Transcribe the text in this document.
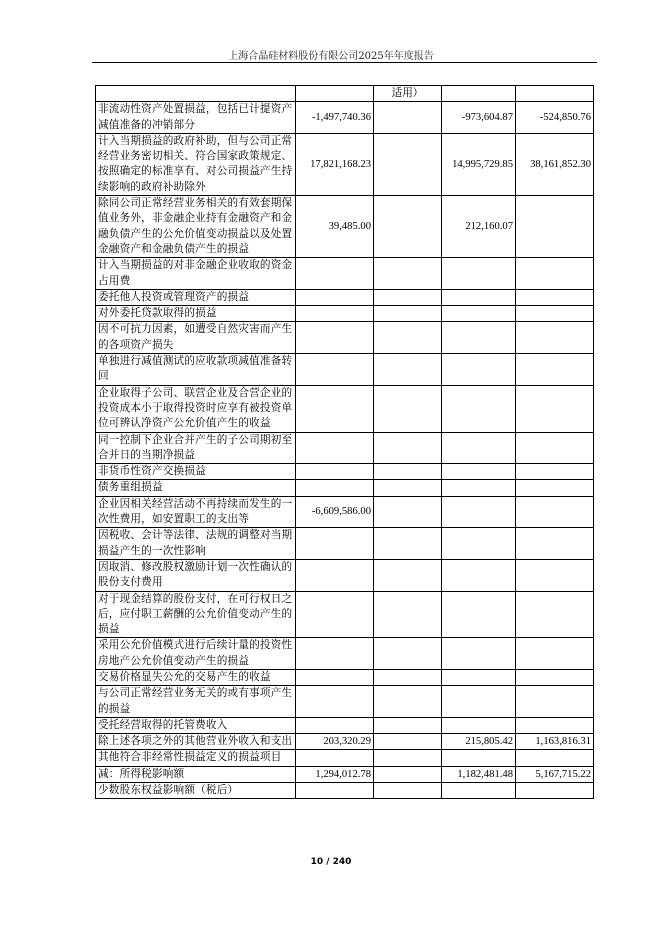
上海合晶硅材料股份有限公司2025年年度报告
		适用）		
非流动性资产处置损益，包括已计提资产减值准备的冲销部分	-1,497,740.36		-973,604.87	-524,850.76
计入当期损益的政府补助，但与公司正常经营业务密切相关、符合国家政策规定、按照确定的标准享有、对公司损益产生持续影响的政府补助除外	17,821,168.23		14,995,729.85	38,161,852.30
除同公司正常经营业务相关的有效套期保值业务外，非金融企业持有金融资产和金融负债产生的公允价值变动损益以及处置金融资产和金融负债产生的损益	39,485.00		212,160.07	
计入当期损益的对非金融企业收取的资金占用费				
委托他人投资或管理资产的损益				
对外委托贷款取得的损益				
因不可抗力因素，如遭受自然灾害而产生的各项资产损失				
单独进行减值测试的应收款项减值准备转回				
企业取得子公司、联营企业及合营企业的投资成本小于取得投资时应享有被投资单位可辨认净资产公允价值产生的收益				
同一控制下企业合并产生的子公司期初至合并日的当期净损益				
非货币性资产交换损益				
债务重组损益				
企业因相关经营活动不再持续而发生的一次性费用，如安置职工的支出等	-6,609,586.00			
因税收、会计等法律、法规的调整对当期损益产生的一次性影响				
因取消、修改股权激励计划一次性确认的股份支付费用				
对于现金结算的股份支付，在可行权日之后，应付职工薪酬的公允价值变动产生的损益				
采用公允价值模式进行后续计量的投资性房地产公允价值变动产生的损益				
交易价格显失公允的交易产生的收益				
与公司正常经营业务无关的或有事项产生的损益				
受托经营取得的托管费收入				
除上述各项之外的其他营业外收入和支出	203,320.29		215,805.42	1,163,816.31
其他符合非经常性损益定义的损益项目				
减：所得税影响额	1,294,012.78		1,182,481.48	5,167,715.22
少数股东权益影响额（税后）				
10 / 240
